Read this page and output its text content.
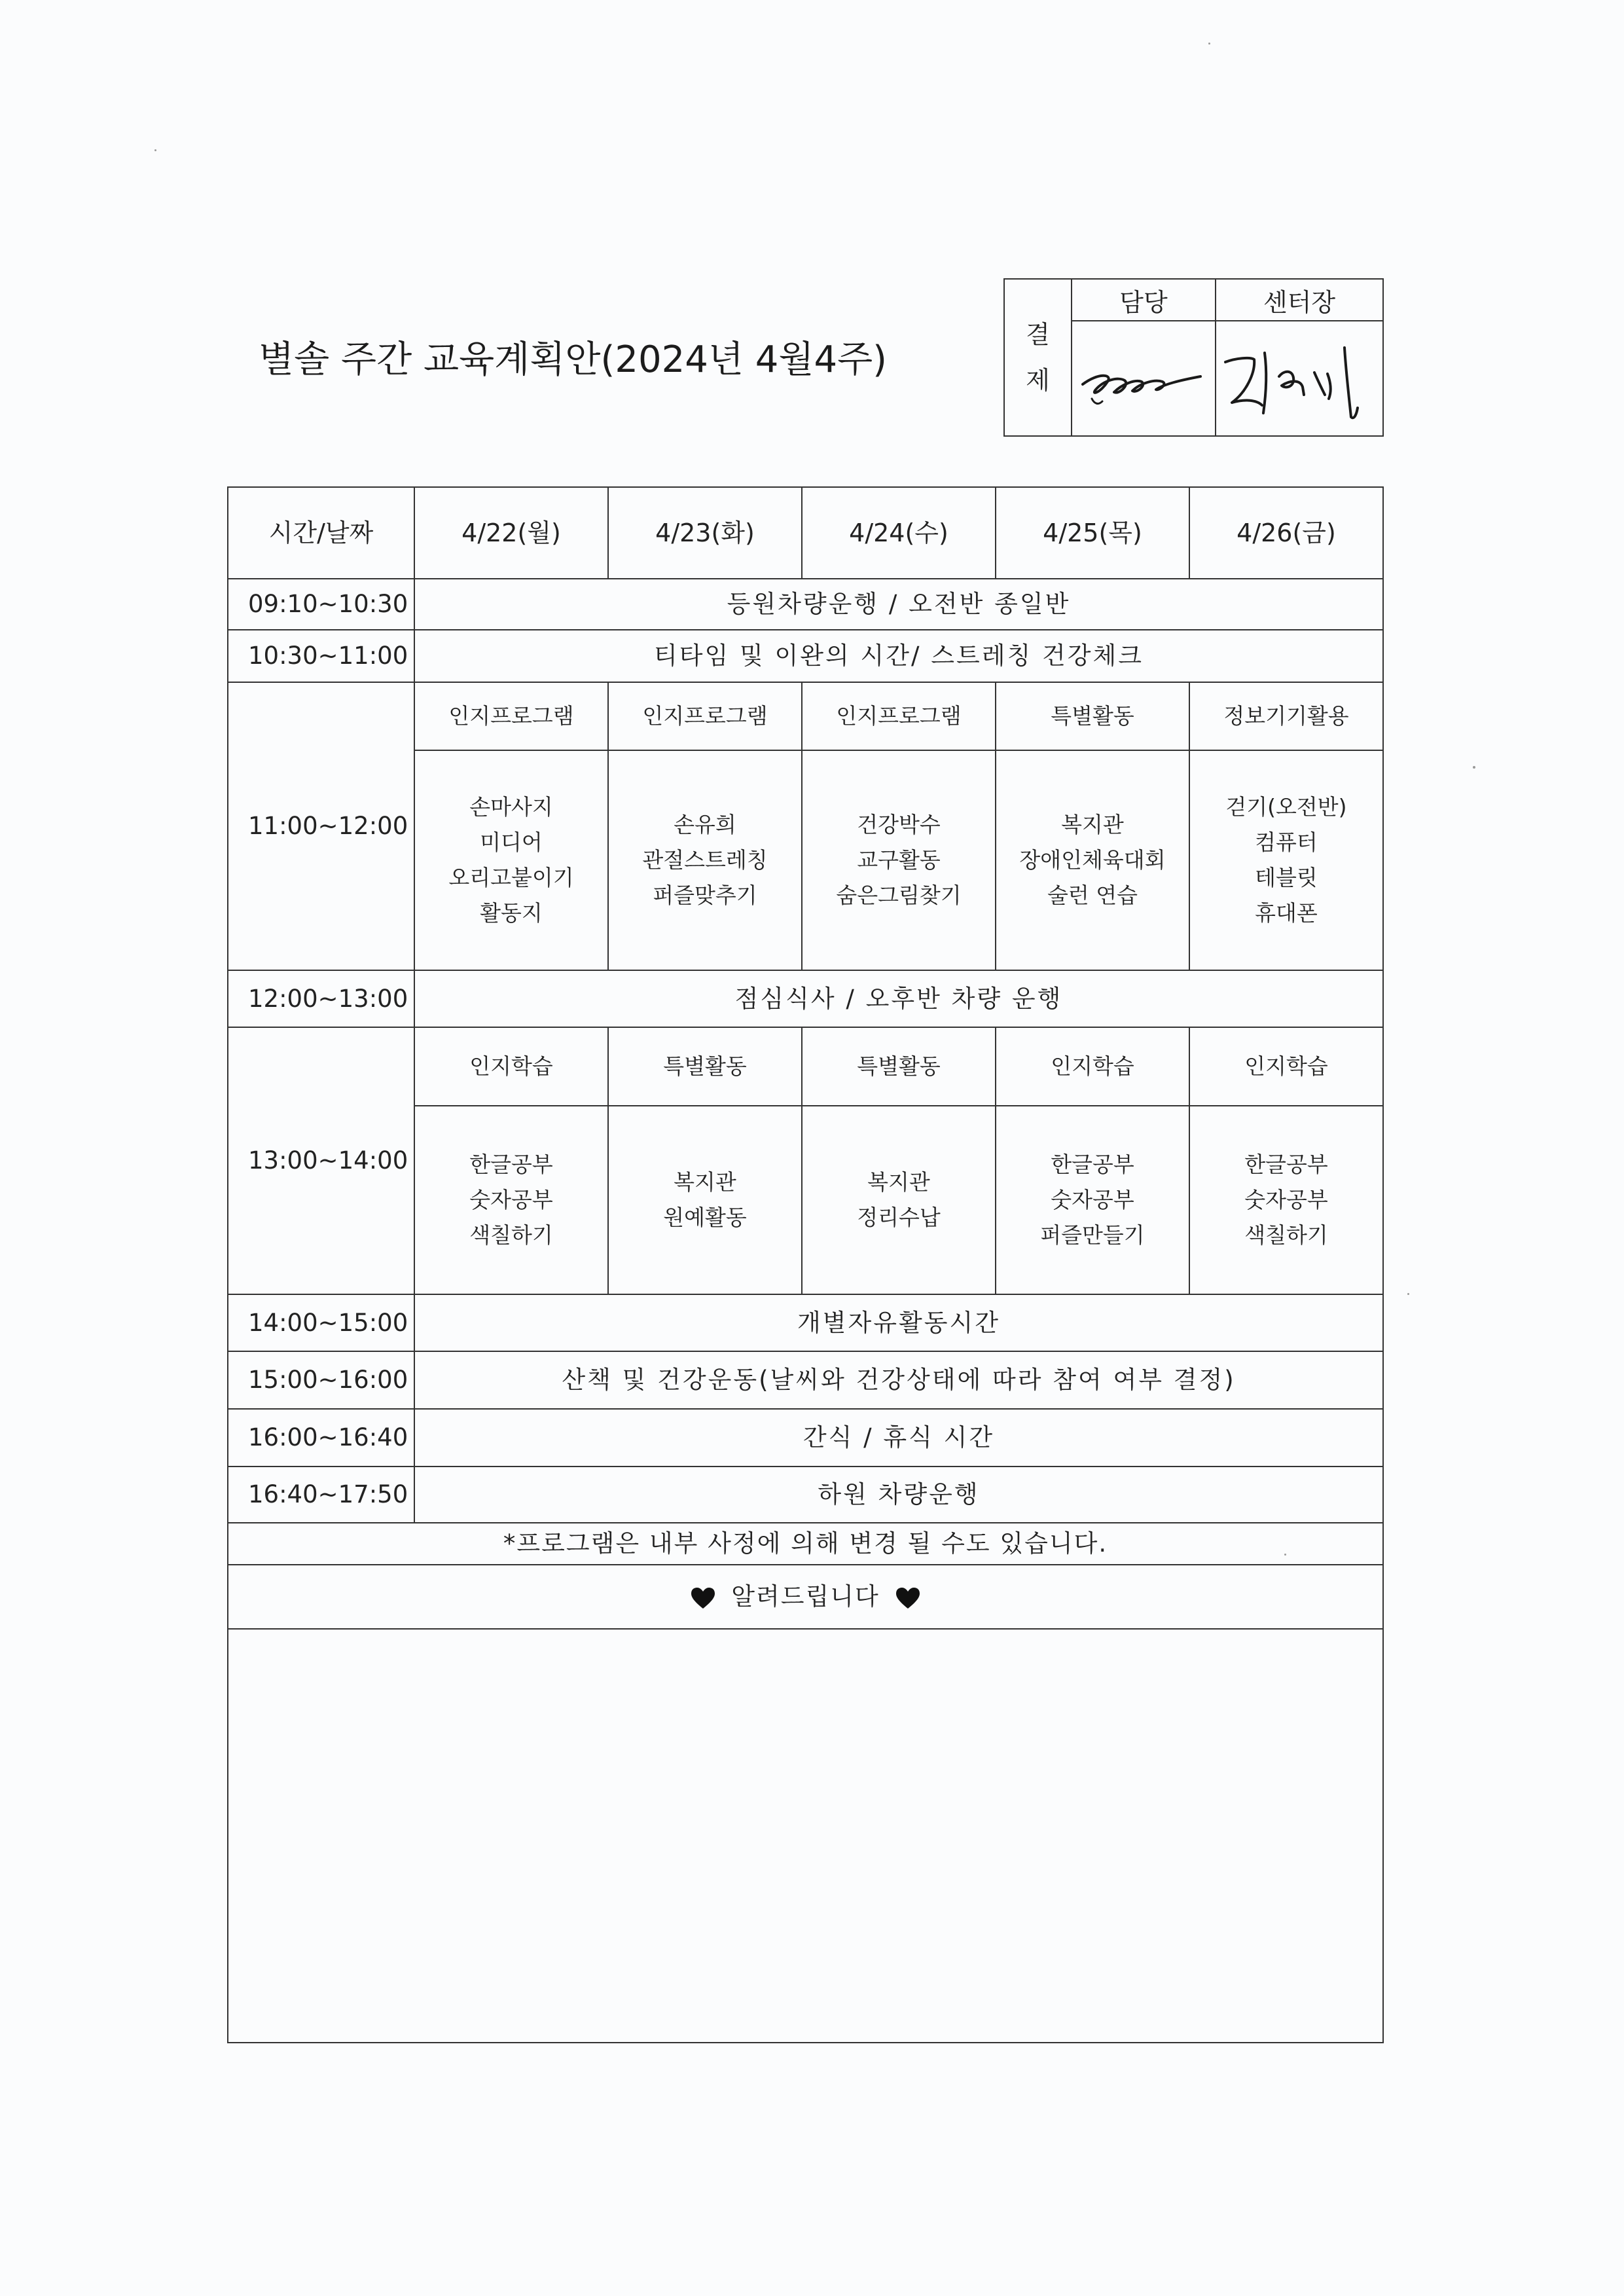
별솔 주간 교육계획안(2024년 4월4주)
결
제	담당	센터장

시간/날짜	4/22(월)	4/23(화)	4/24(수)	4/25(목)	4/26(금)
09:10~10:30	등원차량운행 / 오전반 종일반				
10:30~11:00	티타임 및 이완의 시간/ 스트레칭 건강체크				
11:00~12:00	인지프로그램	인지프로그램	인지프로그램	특별활동	정보기기활용

	손마사지
미디어
오리고붙이기
활동지	손유희
관절스트레칭
퍼즐맞추기	건강박수
교구활동
숨은그림찾기	복지관
장애인체육대회
술런 연습	걷기(오전반)
컴퓨터
테블릿
휴대폰

12:00~13:00	점심식사 / 오후반 차량 운행				
13:00~14:00	인지학습	특별활동	특별활동	인지학습	인지학습

	한글공부
숫자공부
색칠하기	복지관
원예활동	복지관
정리수납	한글공부
숫자공부
퍼즐만들기	한글공부
숫자공부
색칠하기

14:00~15:00	개별자유활동시간				
15:00~16:00	산책 및 건강운동(날씨와 건강상태에 따라 참여 여부 결정)				
16:00~16:40	간식 / 휴식 시간				
16:40~17:50	하원 차량운행				
*프로그램은 내부 사정에 의해 변경 될 수도 있습니다.					
알려드립니다					
